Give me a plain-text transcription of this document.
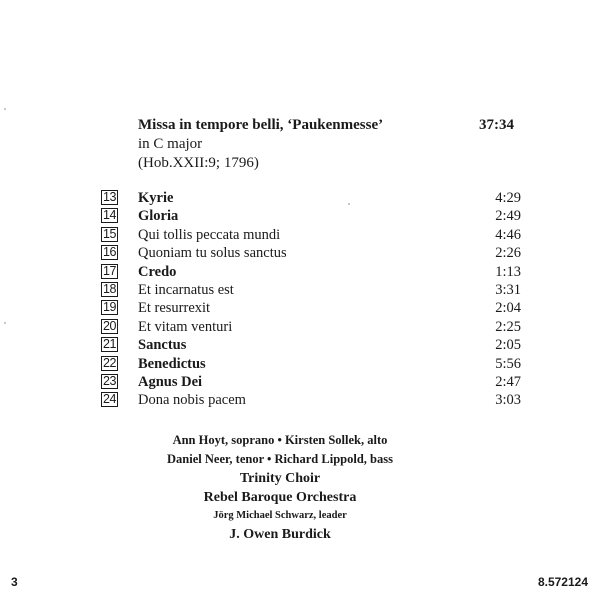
Missa in tempore belli, ‘Paukenmesse’	37:34
in C major
(Hob.XXII:9; 1796)
13 Kyrie	4:29
14 Gloria	2:49
15 Qui tollis peccata mundi	4:46
16 Quoniam tu solus sanctus	2:26
17 Credo	1:13
18 Et incarnatus est	3:31
19 Et resurrexit	2:04
20 Et vitam venturi	2:25
21 Sanctus	2:05
22 Benedictus	5:56
23 Agnus Dei	2:47
24 Dona nobis pacem	3:03
Ann Hoyt, soprano • Kirsten Sollek, alto
Daniel Neer, tenor • Richard Lippold, bass
Trinity Choir
Rebel Baroque Orchestra
Jörg Michael Schwarz, leader
J. Owen Burdick
3	8.572124
